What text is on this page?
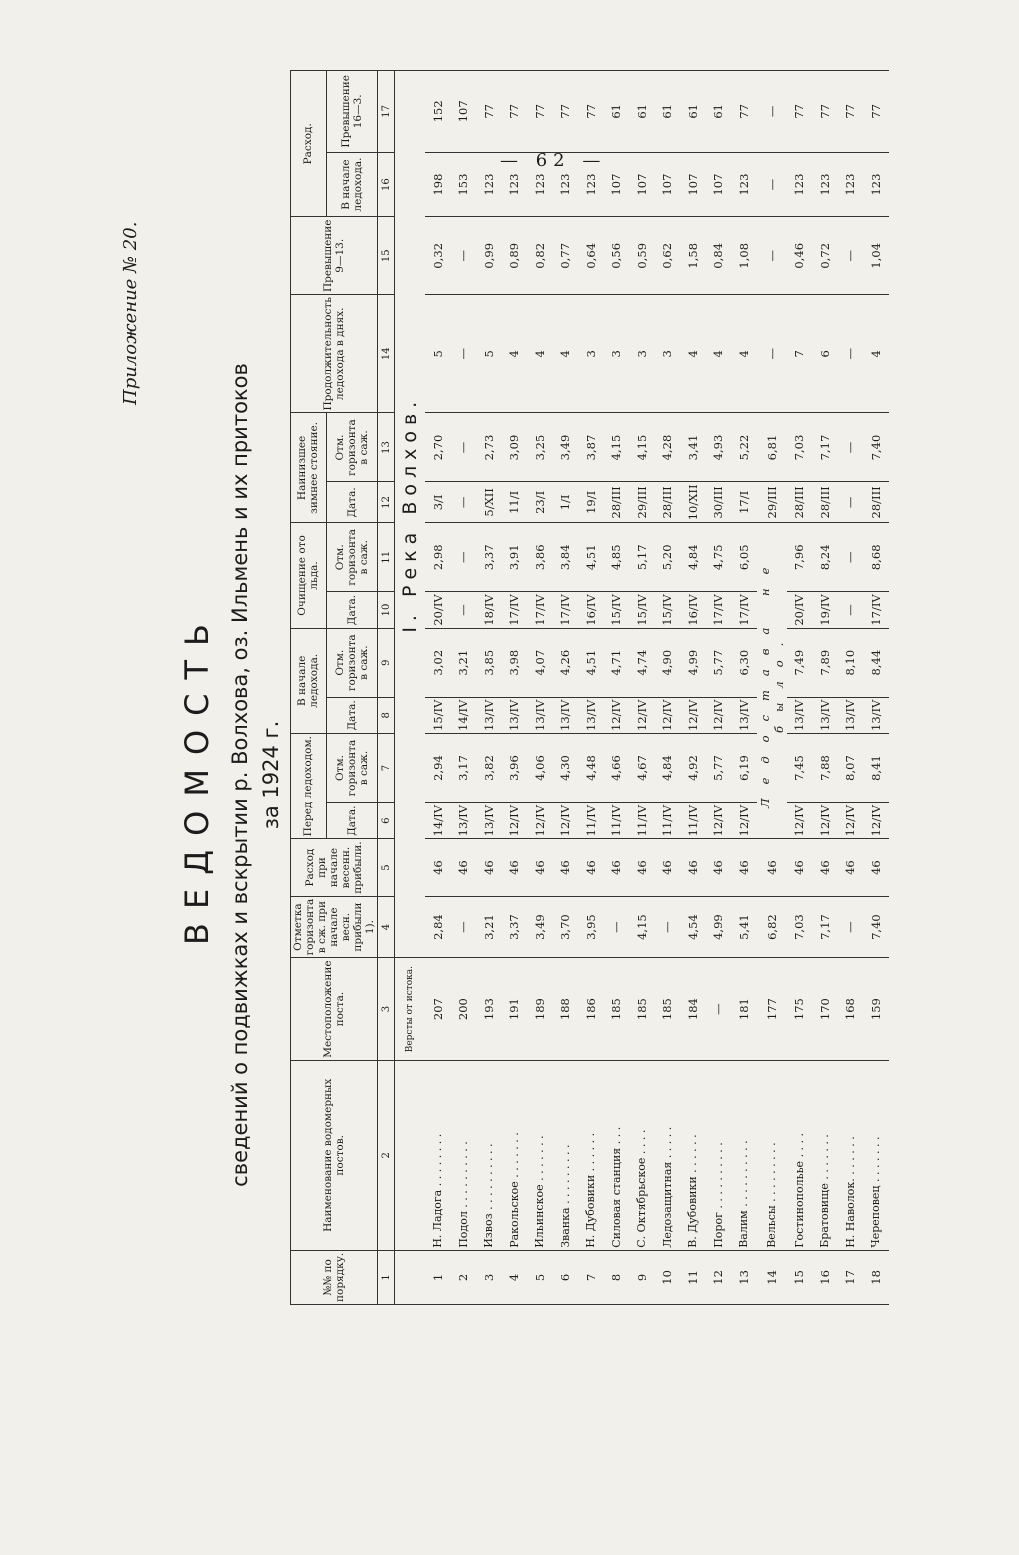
— 62 —
Приложение № 20.
ВЕДОМОСТЬ сведений о подвижках и вскрытии р. Волхова, оз. Ильмень и их притоков за 1924 г.
№№ по порядку.	Наименование водомерных постов.	Местоположение поста.	Отметка горизонта в сж. при начале весн. прибыли 1).	Расход при начале весенн. прибыли.	Перед ледоходом.		В начале ледохода.		Очищение ото льда.		Наинизшее зимнее стояние.		Продолжительность ледохода в днях.	Превышение 9—13.	Расход.	
					Дата.	Отм. горизонта в саж.	Дата.	Отм. горизонта в саж.	Дата.	Отм. горизонта в саж.	Дата.	Отм. горизонта в саж.			В начале ледохода.	Превышение 16—3.
1	2	3	4	5	6	7	8	9	10	11	12	13	14	15	16	17
		Версты от истока.	I. Река Волхов.													
1	Н. Ладога . . . . . . . .	207	2,84	46	14/IV	2,94	15/IV	3,02	20/IV	2,98	3/I	2,70	5	0,32	198	152
2	Подол . . . . . . . . . .	200	—	46	13/IV	3,17	14/IV	3,21	—	—	—	—	—	—	153	107
3	Извоз . . . . . . . . . .	193	3,21	46	13/IV	3,82	13/IV	3,85	18/IV	3,37	5/XII	2,73	5	0,99	123	77
4	Ракольское . . . . . . .	191	3,37	46	12/IV	3,96	13/IV	3,98	17/IV	3,91	11/I	3,09	4	0,89	123	77
5	Ильинское . . . . . . .	189	3,49	46	12/IV	4,06	13/IV	4,07	17/IV	3,86	23/I	3,25	4	0,82	123	77
6	Званка . . . . . . . . .	188	3,70	46	12/IV	4,30	13/IV	4,26	17/IV	3,84	1/I	3,49	4	0,77	123	77
7	Н. Дубовики . . . . . .	186	3,95	46	11/IV	4,48	13/IV	4,51	16/IV	4,51	19/I	3,87	3	0,64	123	77
8	Силовая станция . . .	185	—	46	11/IV	4,66	12/IV	4,71	15/IV	4,85	28/III	4,15	3	0,56	107	61
9	С. Октябрьское . . . .	185	4,15	46	11/IV	4,67	12/IV	4,74	15/IV	5,17	29/III	4,15	3	0,59	107	61
10	Ледозащитная . . . . .	185	—	46	11/IV	4,84	12/IV	4,90	15/IV	5,20	28/III	4,28	3	0,62	107	61
11	В. Дубовики . . . . . .	184	4,54	46	11/IV	4,92	12/IV	4,99	16/IV	4,84	10/XII	3,41	4	1,58	107	61
12	Порог . . . . . . . . . .	—	4,99	46	12/IV	5,77	12/IV	5,77	17/IV	4,75	30/III	4,93	4	0,84	107	61
13	Валим . . . . . . . . . .	181	5,41	46	12/IV	6,19	13/IV	6,30	17/IV	6,05	17/I	5,22	4	1,08	123	77
14	Вельсы . . . . . . . . .	177	6,82	46	Ледостава не было.						29/III	6,81	—	—	—	—
15	Гостинопольье . . . .	175	7,03	46	12/IV	7,45	13/IV	7,49	20/IV	7,96	28/III	7,03	7	0,46	123	77
16	Братовище . . . . . . .	170	7,17	46	12/IV	7,88	13/IV	7,89	19/IV	8,24	28/III	7,17	6	0,72	123	77
17	Н. Наволок. . . . . . .	168	—	46	12/IV	8,07	13/IV	8,10	—	—	—	—	—	—	123	77
18	Череповец . . . . . . .	159	7,40	46	12/IV	8,41	13/IV	8,44	17/IV	8,68	28/III	7,40	4	1,04	123	77
